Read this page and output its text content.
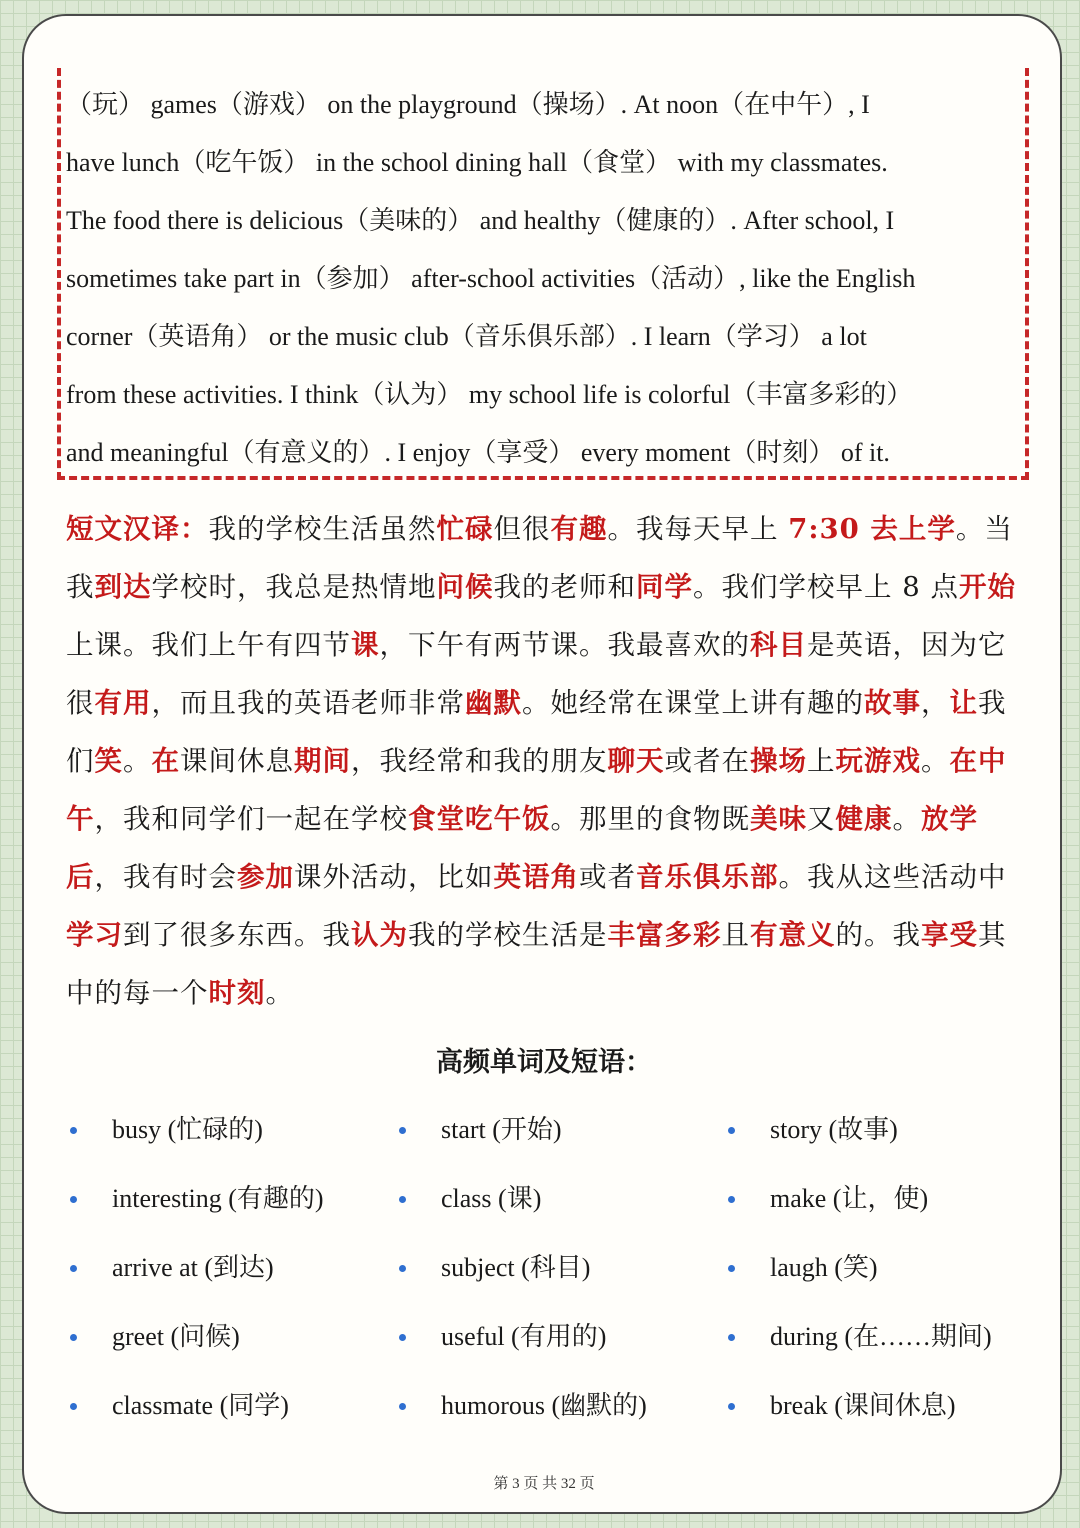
（玩） games（游戏） on the playground（操场）. At noon（在中午）, I
have lunch（吃午饭） in the school dining hall（食堂） with my classmates.
The food there is delicious（美味的） and healthy（健康的）. After school, I
sometimes take part in（参加） after-school activities（活动）, like the English
corner（英语角） or the music club（音乐俱乐部）. I learn（学习） a lot
from these activities. I think（认为） my school life is colorful（丰富多彩的）
and meaningful（有意义的）. I enjoy（享受） every moment（时刻） of it.
短文汉译：我的学校生活虽然忙碌但很有趣。我每天早上 7:30 去上学。当我到达学校时，我总是热情地问候我的老师和同学。我们学校早上 8 点开始上课。我们上午有四节课，下午有两节课。我最喜欢的科目是英语，因为它很有用，而且我的英语老师非常幽默。她经常在课堂上讲有趣的故事，让我们笑。在课间休息期间，我经常和我的朋友聊天或者在操场上玩游戏。在中午，我和同学们一起在学校食堂吃午饭。那里的食物既美味又健康。放学后，我有时会参加课外活动，比如英语角或者音乐俱乐部。我从这些活动中学习到了很多东西。我认为我的学校生活是丰富多彩且有意义的。我享受其中的每一个时刻。
高频单词及短语：
busy (忙碌的)
interesting (有趣的)
arrive at (到达)
greet (问候)
classmate (同学)
start (开始)
class (课)
subject (科目)
useful (有用的)
humorous (幽默的)
story (故事)
make (让，使)
laugh (笑)
during (在……期间)
break (课间休息)
第 3 页 共 32 页
